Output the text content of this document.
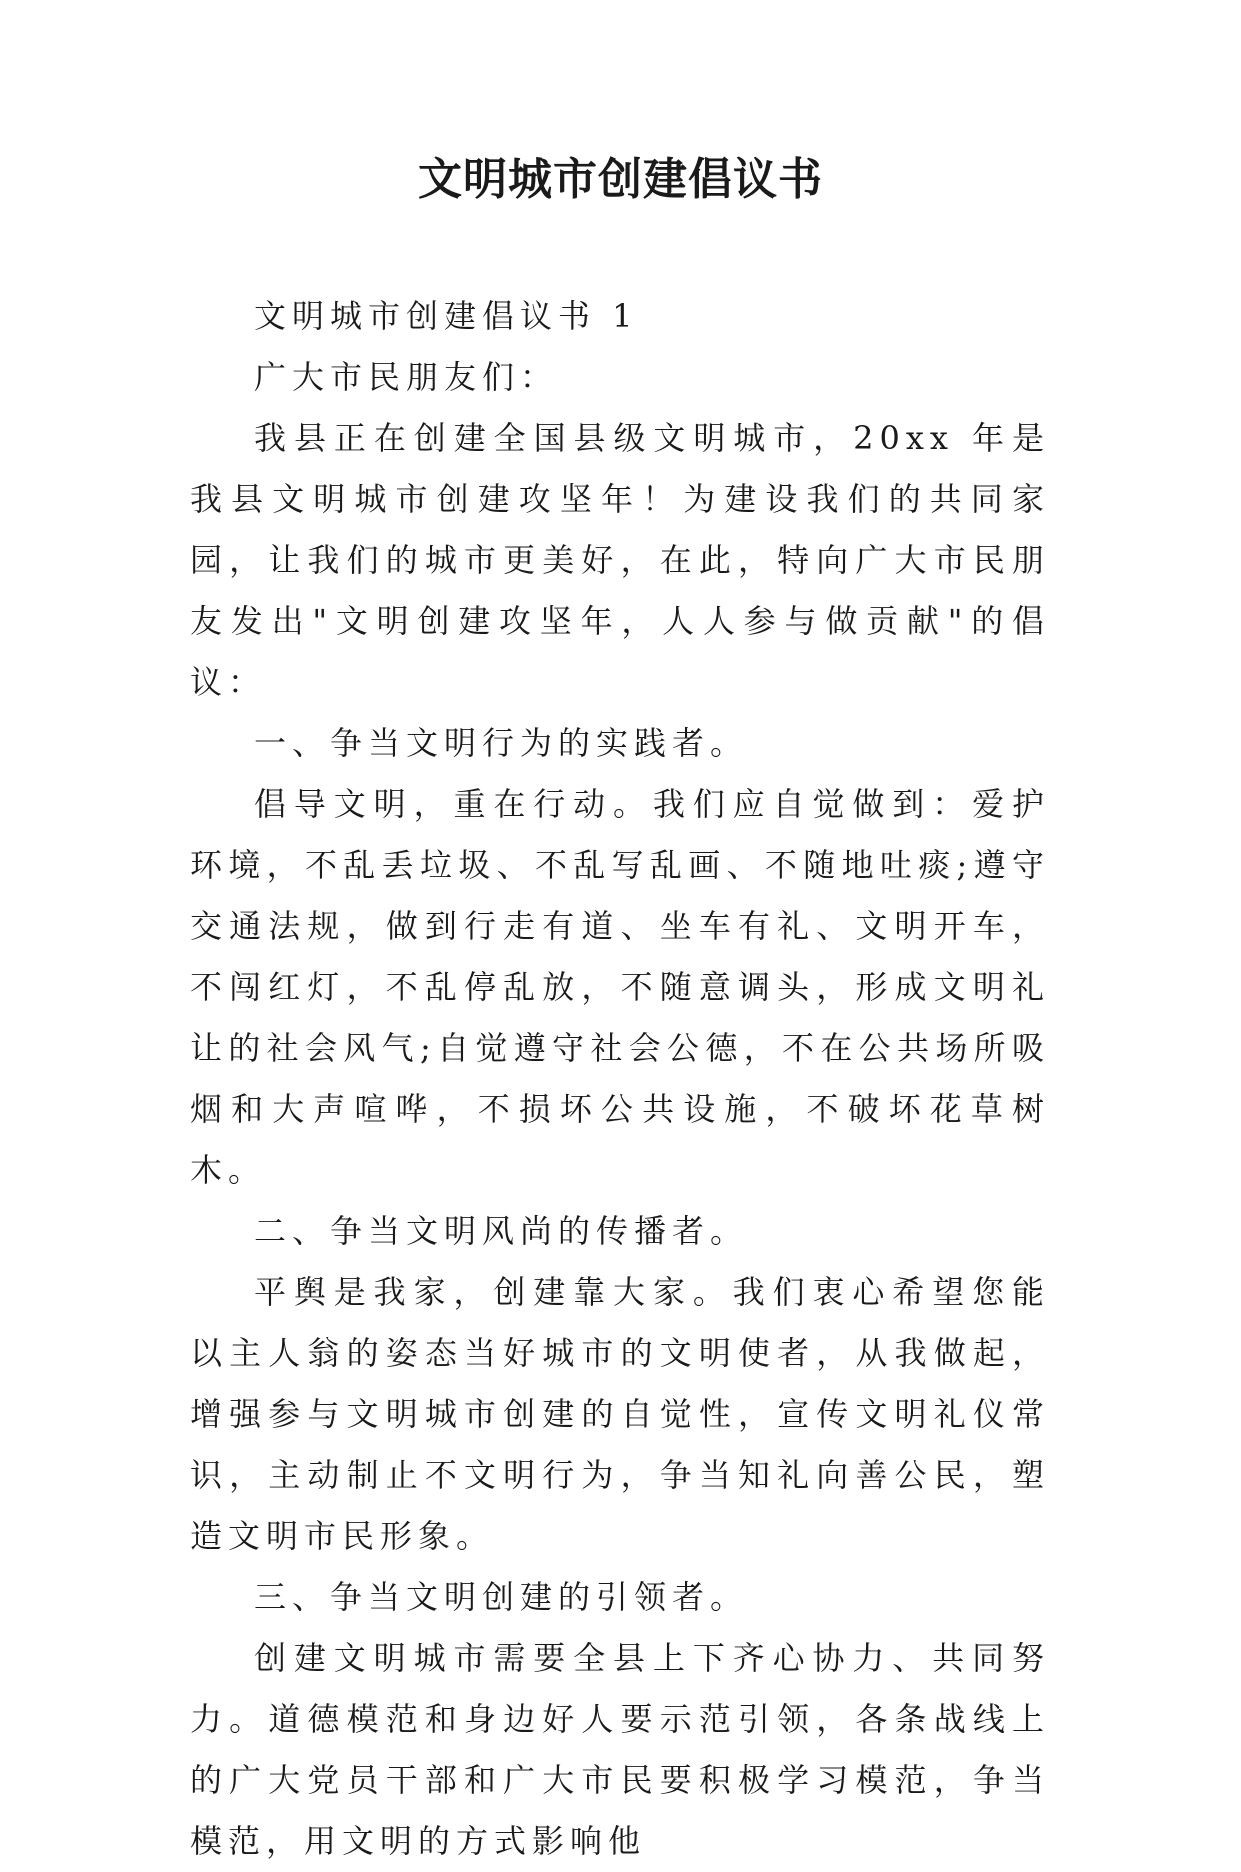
文明城市创建倡议书

文明城市创建倡议书 1

广大市民朋友们：

我县正在创建全国县级文明城市，20xx 年是我县文明城市创建攻坚年！为建设我们的共同家园，让我们的城市更美好，在此，特向广大市民朋友发出"文明创建攻坚年，人人参与做贡献"的倡议：

一、争当文明行为的实践者。

倡导文明，重在行动。我们应自觉做到：爱护环境，不乱丢垃圾、不乱写乱画、不随地吐痰;遵守交通法规，做到行走有道、坐车有礼、文明开车，不闯红灯，不乱停乱放，不随意调头，形成文明礼让的社会风气;自觉遵守社会公德，不在公共场所吸烟和大声喧哗，不损坏公共设施，不破坏花草树木。

二、争当文明风尚的传播者。

平舆是我家，创建靠大家。我们衷心希望您能以主人翁的姿态当好城市的文明使者，从我做起，增强参与文明城市创建的自觉性，宣传文明礼仪常识，主动制止不文明行为，争当知礼向善公民，塑造文明市民形象。

三、争当文明创建的引领者。

创建文明城市需要全县上下齐心协力、共同努力。道德模范和身边好人要示范引领，各条战线上的广大党员干部和广大市民要积极学习模范，争当模范，用文明的方式影响他
